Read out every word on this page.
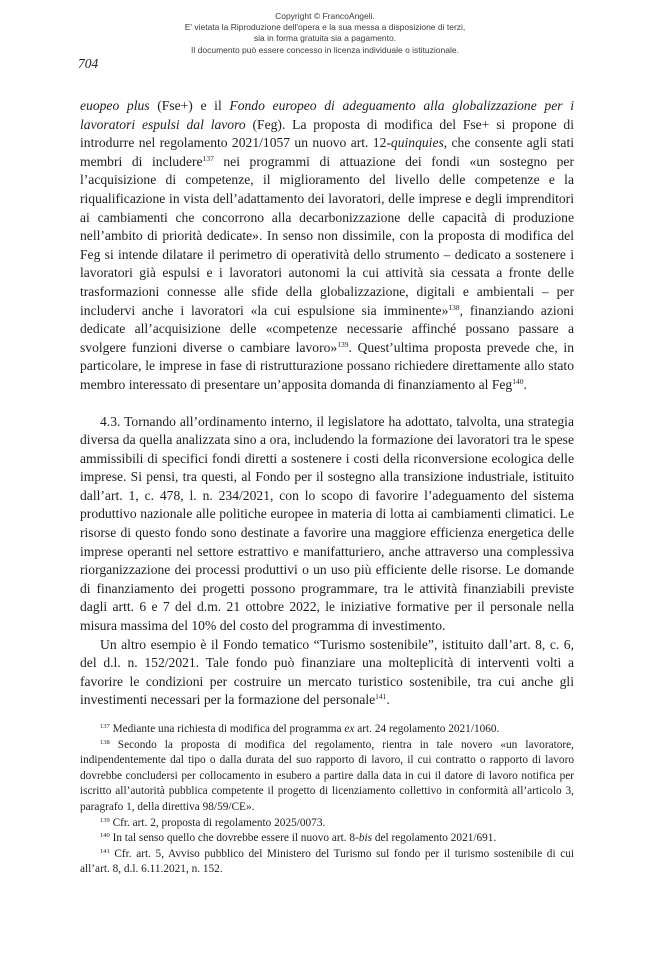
Copyright © FrancoAngeli.
E' vietata la Riproduzione dell'opera e la sua messa a disposizione di terzi,
sia in forma gratuita sia a pagamento.
Il documento può essere concesso in licenza individuale o istituzionale.
704

euopeo plus (Fse+) e il Fondo europeo di adeguamento alla globalizzazione per i lavoratori espulsi dal lavoro (Feg). La proposta di modifica del Fse+ si propone di introdurre nel regolamento 2021/1057 un nuovo art. 12-quinquies, che consente agli stati membri di includere$^{137}$ nei programmi di attuazione dei fondi «un sostegno per l’acquisizione di competenze, il miglioramento del livello delle competenze e la riqualificazione in vista dell’adattamento dei lavoratori, delle imprese e degli imprenditori ai cambiamenti che concorrono alla decarbonizzazione delle capacità di produzione nell’ambito di priorità dedicate». In senso non dissimile, con la proposta di modifica del Feg si intende dilatare il perimetro di operatività dello strumento – dedicato a sostenere i lavoratori già espulsi e i lavoratori autonomi la cui attività sia cessata a fronte delle trasformazioni connesse alle sfide della globalizzazione, digitali e ambientali – per includervi anche i lavoratori «la cui espulsione sia imminente»$^{138}$, finanziando azioni dedicate all’acquisizione delle «competenze necessarie affinché possano passare a svolgere funzioni diverse o cambiare lavoro»$^{139}$. Quest’ultima proposta prevede che, in particolare, le imprese in fase di ristrutturazione possano richiedere direttamente allo stato membro interessato di presentare un’apposita domanda di finanziamento al Feg$^{140}$.

4.3. Tornando all’ordinamento interno, il legislatore ha adottato, talvolta, una strategia diversa da quella analizzata sino a ora, includendo la formazione dei lavoratori tra le spese ammissibili di specifici fondi diretti a sostenere i costi della riconversione ecologica delle imprese. Si pensi, tra questi, al Fondo per il sostegno alla transizione industriale, istituito dall’art. 1, c. 478, l. n. 234/2021, con lo scopo di favorire l’adeguamento del sistema produttivo nazionale alle politiche europee in materia di lotta ai cambiamenti climatici. Le risorse di questo fondo sono destinate a favorire una maggiore efficienza energetica delle imprese operanti nel settore estrattivo e manifatturiero, anche attraverso una complessiva riorganizzazione dei processi produttivi o un uso più efficiente delle risorse. Le domande di finanziamento dei progetti possono programmare, tra le attività finanziabili previste dagli artt. 6 e 7 del d.m. 21 ottobre 2022, le iniziative formative per il personale nella misura massima del 10% del costo del programma di investimento.

Un altro esempio è il Fondo tematico “Turismo sostenibile”, istituito dall’art. 8, c. 6, del d.l. n. 152/2021. Tale fondo può finanziare una molteplicità di interventi volti a favorire le condizioni per costruire un mercato turistico sostenibile, tra cui anche gli investimenti necessari per la formazione del personale$^{141}$.

$^{137}$ Mediante una richiesta di modifica del programma ex art. 24 regolamento 2021/1060.

$^{138}$ Secondo la proposta di modifica del regolamento, rientra in tale novero «un lavoratore, indipendentemente dal tipo o dalla durata del suo rapporto di lavoro, il cui contratto o rapporto di lavoro dovrebbe concludersi per collocamento in esubero a partire dalla data in cui il datore di lavoro notifica per iscritto all’autorità pubblica competente il progetto di licenziamento collettivo in conformità all’articolo 3, paragrafo 1, della direttiva 98/59/CE».

$^{139}$ Cfr. art. 2, proposta di regolamento 2025/0073.

$^{140}$ In tal senso quello che dovrebbe essere il nuovo art. 8-bis del regolamento 2021/691.

$^{141}$ Cfr. art. 5, Avviso pubblico del Ministero del Turismo sul fondo per il turismo sostenibile di cui all’art. 8, d.l. 6.11.2021, n. 152.
